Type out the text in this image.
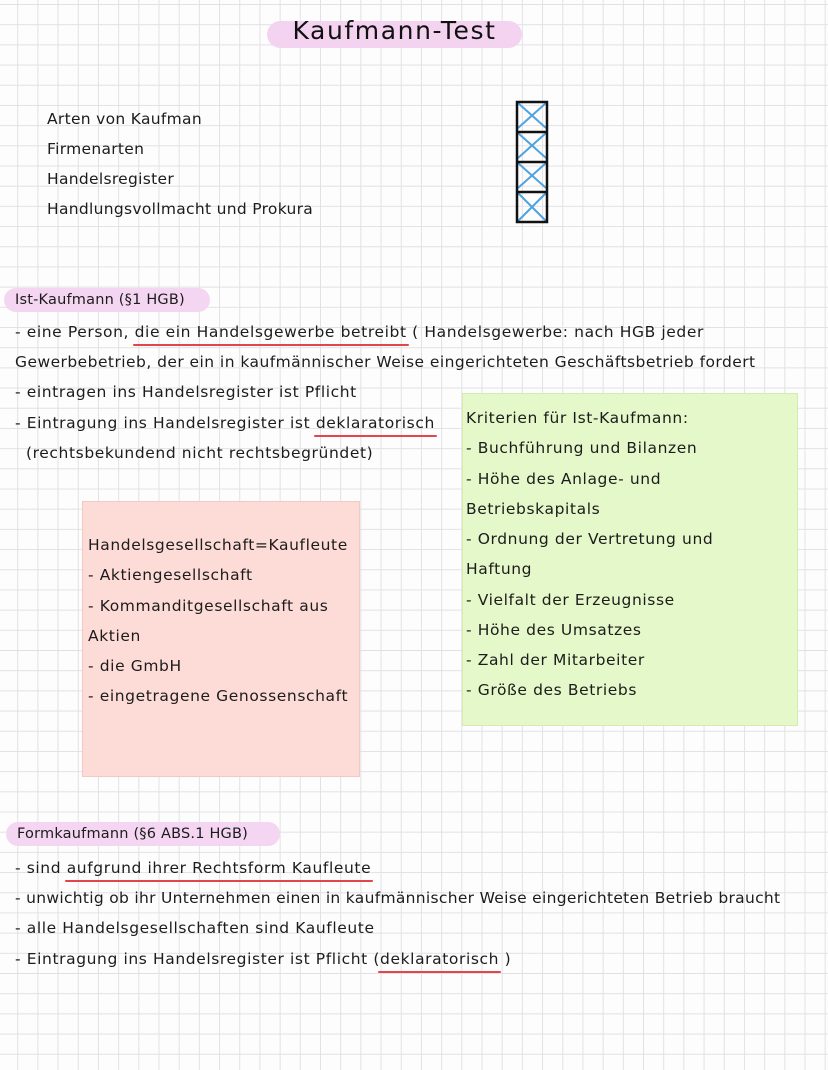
Kaufmann-Test
Arten von Kaufman
Firmenarten
Handelsregister
Handlungsvollmacht und Prokura
Ist-Kaufmann (§1 HGB)
- eine Person, die ein Handelsgewerbe betreibt ( Handelsgewerbe: nach HGB jeder
Gewerbebetrieb, der ein in kaufmännischer Weise eingerichteten Geschäftsbetrieb fordert
- eintragen ins Handelsregister ist Pflicht
- Eintragung ins Handelsregister ist deklaratorisch
(rechtsbekundend nicht rechtsbegründet)
Handelsgesellschaft=Kaufleute
- Aktiengesellschaft
- Kommanditgesellschaft aus
Aktien
- die GmbH
- eingetragene Genossenschaft
Kriterien für Ist-Kaufmann:
- Buchführung und Bilanzen
- Höhe des Anlage- und
Betriebskapitals
- Ordnung der Vertretung und
Haftung
- Vielfalt der Erzeugnisse
- Höhe des Umsatzes
- Zahl der Mitarbeiter
- Größe des Betriebs
Formkaufmann (§6 ABS.1 HGB)
- sind aufgrund ihrer Rechtsform Kaufleute
- unwichtig ob ihr Unternehmen einen in kaufmännischer Weise eingerichteten Betrieb braucht
- alle Handelsgesellschaften sind Kaufleute
- Eintragung ins Handelsregister ist Pflicht (deklaratorisch )
